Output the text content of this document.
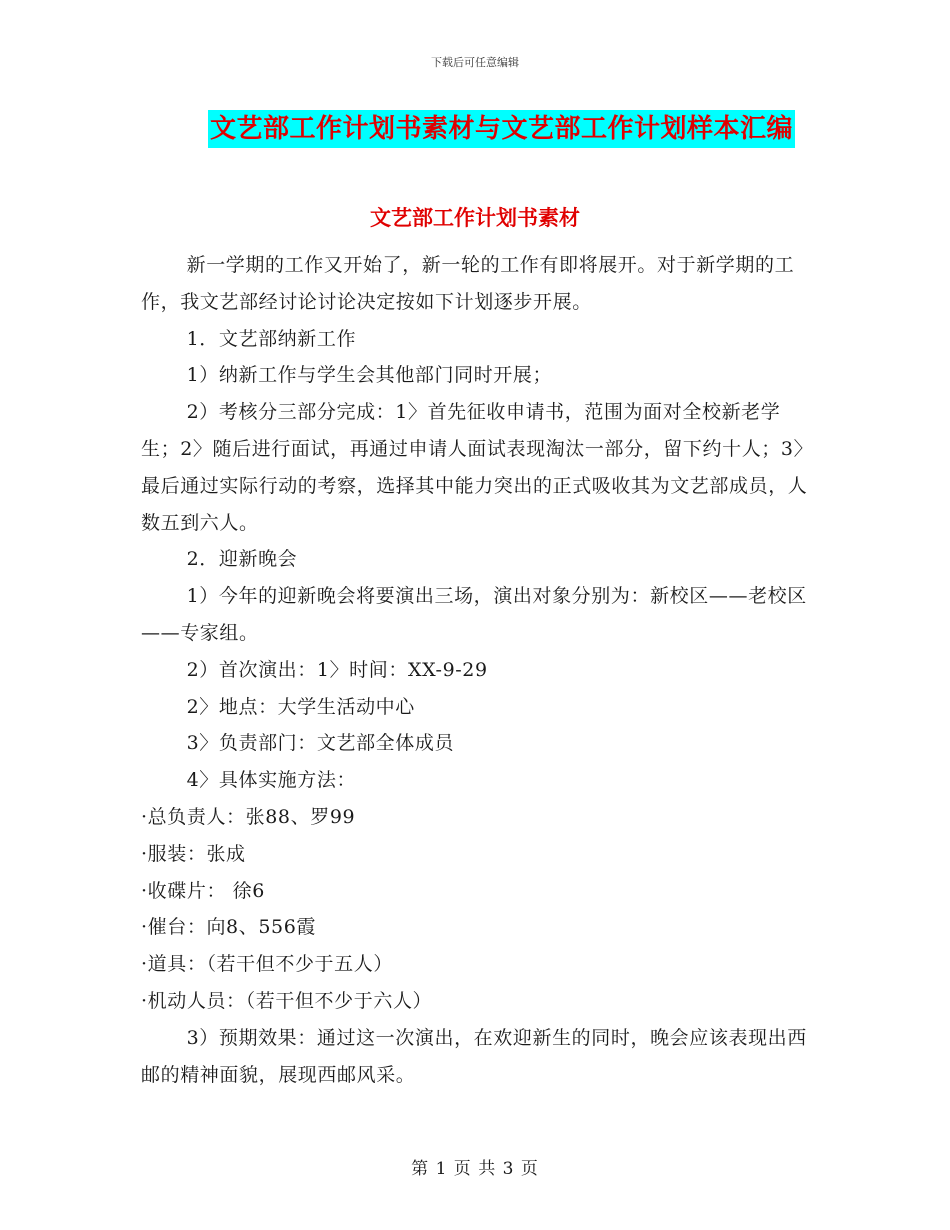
下载后可任意编辑
文艺部工作计划书素材与文艺部工作计划样本汇编
文艺部工作计划书素材

新一学期的工作又开始了，新一轮的工作有即将展开。对于新学期的工作，我文艺部经讨论讨论决定按如下计划逐步开展。

1．文艺部纳新工作

1）纳新工作与学生会其他部门同时开展；

2）考核分三部分完成：1〉首先征收申请书，范围为面对全校新老学生；2〉随后进行面试，再通过申请人面试表现淘汰一部分，留下约十人；3〉最后通过实际行动的考察，选择其中能力突出的正式吸收其为文艺部成员，人数五到六人。

2．迎新晚会

1）今年的迎新晚会将要演出三场，演出对象分别为：新校区——老校区——专家组。

2）首次演出：1〉时间：XX-9-29

2〉地点：大学生活动中心

3〉负责部门：文艺部全体成员

4〉具体实施方法：

·总负责人：张88、罗99

·服装：张成

·收碟片： 徐6

·催台：向8、556霞

·道具：（若干但不少于五人）

·机动人员：（若干但不少于六人）

3）预期效果：通过这一次演出，在欢迎新生的同时，晚会应该表现出西邮的精神面貌，展现西邮风采。

第 1 页 共 3 页
